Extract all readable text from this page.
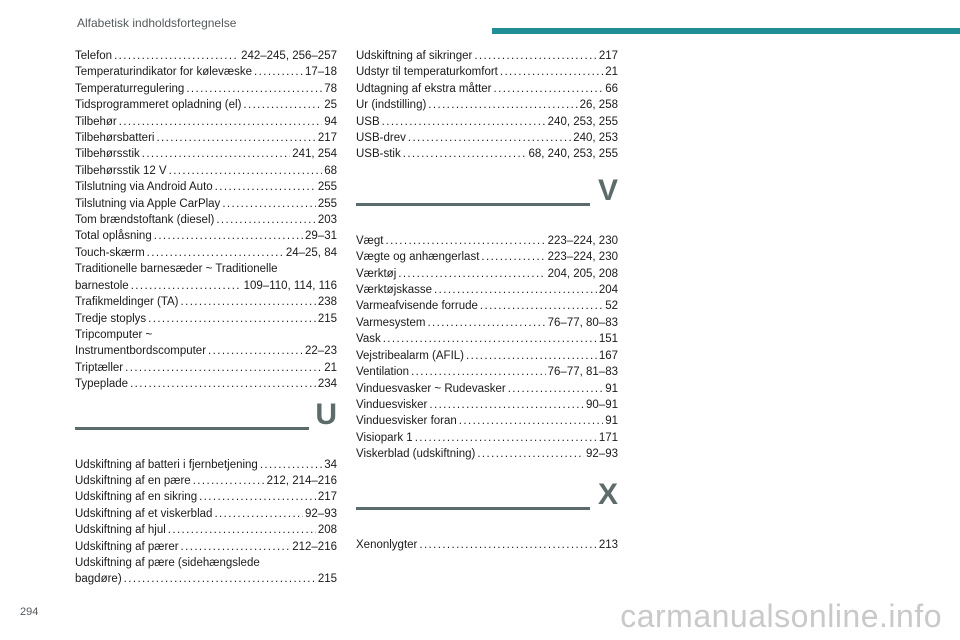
Alfabetisk indholdsfortegnelse
Telefon . . .	242–245, 256–257
Temperaturindikator for kølevæske . . .	17–18
Temperaturregulering . . .	78
Tidsprogrammeret opladning (el) . . .	25
Tilbehør . . .	94
Tilbehørsbatteri . . .	217
Tilbehørsstik . . .	241, 254
Tilbehørsstik 12 V . . .	68
Tilslutning via Android Auto . . .	255
Tilslutning via Apple CarPlay . . .	255
Tom brændstoftank (diesel) . . .	203
Total oplåsning . . .	29–31
Touch-skærm . . .	24–25, 84
Traditionelle barnesæder ~ Traditionelle
barnestole . . .	109–110, 114, 116
Trafikmeldinger (TA) . . .	238
Tredje stoplys . . .	215
Tripcomputer ~
Instrumentbordscomputer . . .	22–23
Triptæller . . .	21
Typeplade . . .	234
U
Udskiftning af batteri i fjernbetjening . . .	34
Udskiftning af en pære . . .	212, 214–216
Udskiftning af en sikring . . .	217
Udskiftning af et viskerblad . . .	92–93
Udskiftning af hjul . . .	208
Udskiftning af pærer . . .	212–216
Udskiftning af pære (sidehængslede
bagdøre) . . .	215
Udskiftning af sikringer . . .	217
Udstyr til temperaturkomfort . . .	21
Udtagning af ekstra måtter . . .	66
Ur (indstilling) . . .	26, 258
USB . . .	240, 253, 255
USB-drev . . .	240, 253
USB-stik . . .	68, 240, 253, 255
V
Vægt . . .	223–224, 230
Vægte og anhængerlast . . .	223–224, 230
Værktøj . . .	204, 205, 208
Værktøjskasse . . .	204
Varmeafvisende forrude . . .	52
Varmesystem . . .	76–77, 80–83
Vask . . .	151
Vejstribealarm (AFIL) . . .	167
Ventilation . . .	76–77, 81–83
Vinduesvasker ~ Rudevasker . . .	91
Vinduesvisker . . .	90–91
Vinduesvisker foran . . .	91
Visiopark 1 . . .	171
Viskerblad (udskiftning) . . .	92–93
X
Xenonlygter . . .	213
294	carmanualsonline.info
